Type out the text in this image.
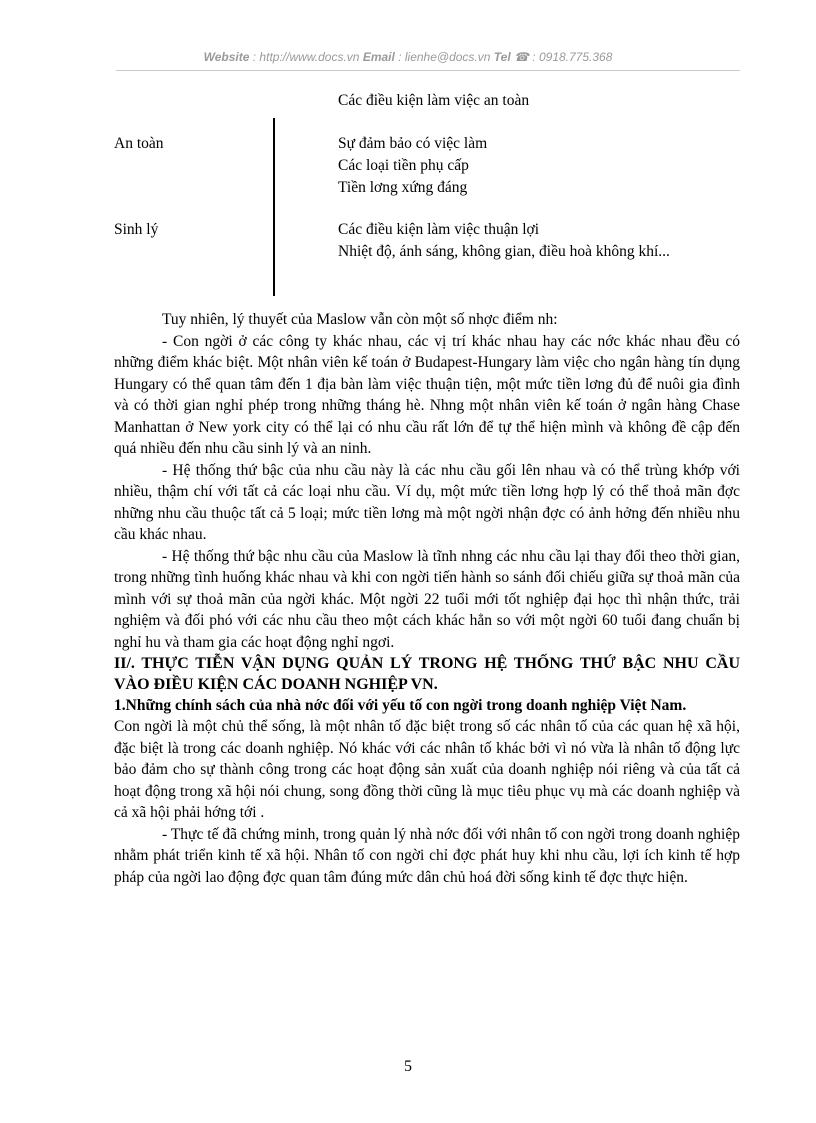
Website : http://www.docs.vn Email : lienhe@docs.vn Tel ☎ : 0918.775.368
Các điều kiện làm việc an toàn
An toàn	Sự đảm bảo có việc làm
Các loại tiền phụ cấp
Tiền lơng xứng đáng
Sinh lý	Các điều kiện làm việc thuận lợi
Nhiệt độ, ánh sáng, không gian, điều hoà không khí...

Tuy nhiên, lý thuyết của Maslow vẫn còn một số nhợc điểm nh:

- Con ngời ở các công ty khác nhau, các vị trí khác nhau hay các nớc khác nhau đều có những điểm khác biệt. Một nhân viên kế toán ở Budapest-Hungary làm việc cho ngân hàng tín dụng Hungary có thể quan tâm đến 1 địa bàn làm việc thuận tiện, một mức tiền lơng đủ để nuôi gia đình và có thời gian nghỉ phép trong những tháng hè. Nhng một nhân viên kế toán ở ngân hàng Chase Manhattan ở New york city có thể lại có nhu cầu rất lớn để tự thể hiện mình và không đề cập đến quá nhiều đến nhu cầu sinh lý và an ninh.

- Hệ thống thứ bậc của nhu cầu này là các nhu cầu gối lên nhau và có thể trùng khớp với nhiều, thậm chí với tất cả các loại nhu cầu. Ví dụ, một mức tiền lơng hợp lý có thể thoả mãn đợc những nhu cầu thuộc tất cả 5 loại; mức tiền lơng mà một ngời nhận đợc có ảnh hởng đến nhiều nhu cầu khác nhau.

- Hệ thống thứ bậc nhu cầu của Maslow là tĩnh nhng các nhu cầu lại thay đổi theo thời gian, trong những tình huống khác nhau và khi con ngời tiến hành so sánh đối chiếu giữa sự thoả mãn của mình với sự thoả mãn của ngời khác. Một ngời 22 tuổi mới tốt nghiệp đại học thì nhận thức, trải nghiệm và đối phó với các nhu cầu theo một cách khác hẳn so với một ngời 60 tuổi đang chuẩn bị nghỉ hu và tham gia các hoạt động nghỉ ngơi.

II/. THỰC TIỄN VẬN DỤNG QUẢN LÝ TRONG HỆ THỐNG THỨ BẬC NHU CẦU VÀO ĐIỀU KIỆN CÁC DOANH NGHIỆP VN.

1.Những chính sách của nhà nớc đối với yếu tố con ngời trong doanh nghiệp Việt Nam.

Con ngời là một chủ thể sống, là một nhân tố đặc biệt trong số các nhân tố của các quan hệ xã hội, đặc biệt là trong các doanh nghiệp. Nó khác với các nhân tố khác bởi vì nó vừa là nhân tố động lực bảo đảm cho sự thành công trong các hoạt động sản xuất của doanh nghiệp nói riêng và của tất cả hoạt động trong xã hội nói chung, song đồng thời cũng là mục tiêu phục vụ mà các doanh nghiệp và cả xã hội phải hớng tới .

- Thực tế đã chứng minh, trong quản lý nhà nớc đối với nhân tố con ngời trong doanh nghiệp nhằm phát triển kinh tế xã hội. Nhân tố con ngời chỉ đợc phát huy khi nhu cầu, lợi ích kinh tế hợp pháp của ngời lao động đợc quan tâm đúng mức dân chủ hoá đời sống kinh tế đợc thực hiện.

5
